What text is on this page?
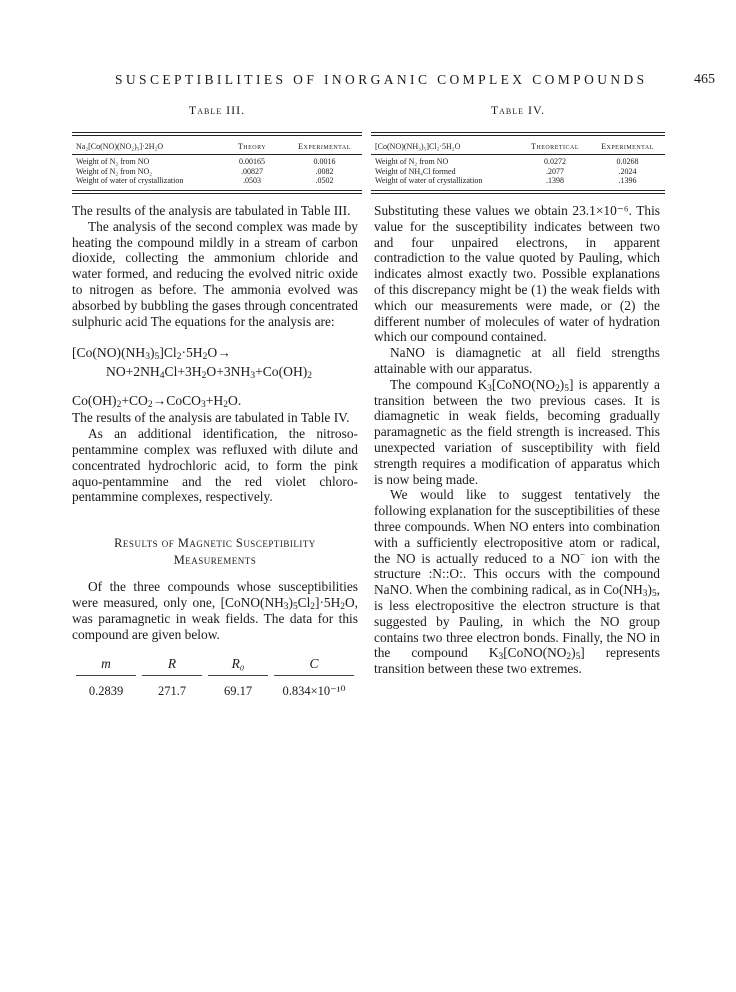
SUSCEPTIBILITIES OF INORGANIC COMPLEX COMPOUNDS	465
Table III.
Na₂[Co(NO)(NO₂)₅]·2H₂O	Theory	Experimental
Weight of N₂ from NO	0.00165	0.0016
Weight of N₂ from NO₂	.00827	.0082
Weight of water of crystallization	.0503	.0502
Table IV.
[Co(NO)(NH₃)₅]Cl₂·5H₂O	Theoretical	Experimental
Weight of N₂ from NO	0.0272	0.0268
Weight of NH₄Cl formed	.2077	.2024
Weight of water of crystallization	.1398	.1396

The results of the analysis are tabulated in Table III.

The analysis of the second complex was made by heating the compound mildly in a stream of carbon dioxide, collecting the ammonium chloride and water formed, and reducing the evolved nitric oxide to nitrogen as before. The ammonia evolved was absorbed by bubbling the gases through concentrated sulphuric acid The equations for the analysis are:

$[Co(NO)(NH_3)_5]Cl_2\cdot 5H_2O\to$
$NO+2NH_4Cl+3H_2O+3NH_3+Co(OH)_2$
$Co(OH)_2+CO_2\to CoCO_3+H_2O$.

The results of the analysis are tabulated in Table IV.

As an additional identification, the nitroso-pentammine complex was refluxed with dilute and concentrated hydrochloric acid, to form the pink aquo-pentammine and the red violet chloro-pentammine complexes, respectively.

Results of Magnetic Susceptibility
Measurements

Of the three compounds whose susceptibilities were measured, only one, $[CoNO(NH_3)_5Cl_2]\cdot 5H_2O$, was paramagnetic in weak fields. The data for this compound are given below.

m	R	R₀	C
0.2839	271.7	69.17	0.834×10⁻¹⁰

Substituting these values we obtain 23.1×10⁻⁶. This value for the susceptibility indicates between two and four unpaired electrons, in apparent contradiction to the value quoted by Pauling, which indicates almost exactly two. Possible explanations of this discrepancy might be (1) the weak fields with which our measurements were made, or (2) the different number of molecules of water of hydration which our compound contained.

NaNO is diamagnetic at all field strengths attainable with our apparatus.

The compound $K_3[CoNO(NO_2)_5]$ is apparently a transition between the two previous cases. It is diamagnetic in weak fields, becoming gradually paramagnetic as the field strength is increased. This unexpected variation of susceptibility with field strength requires a modification of apparatus which is now being made.

We would like to suggest tentatively the following explanation for the susceptibilities of these three compounds. When NO enters into combination with a sufficiently electropositive atom or radical, the NO is actually reduced to a NO− ion with the structure :N::O:. This occurs with the compound NaNO. When the combining radical, as in $Co(NH_3)_5$, is less electropositive the electron structure is that suggested by Pauling, in which the NO group contains two three electron bonds. Finally, the NO in the compound $K_3[CoNO(NO_2)_5]$ represents transition between these two extremes.
